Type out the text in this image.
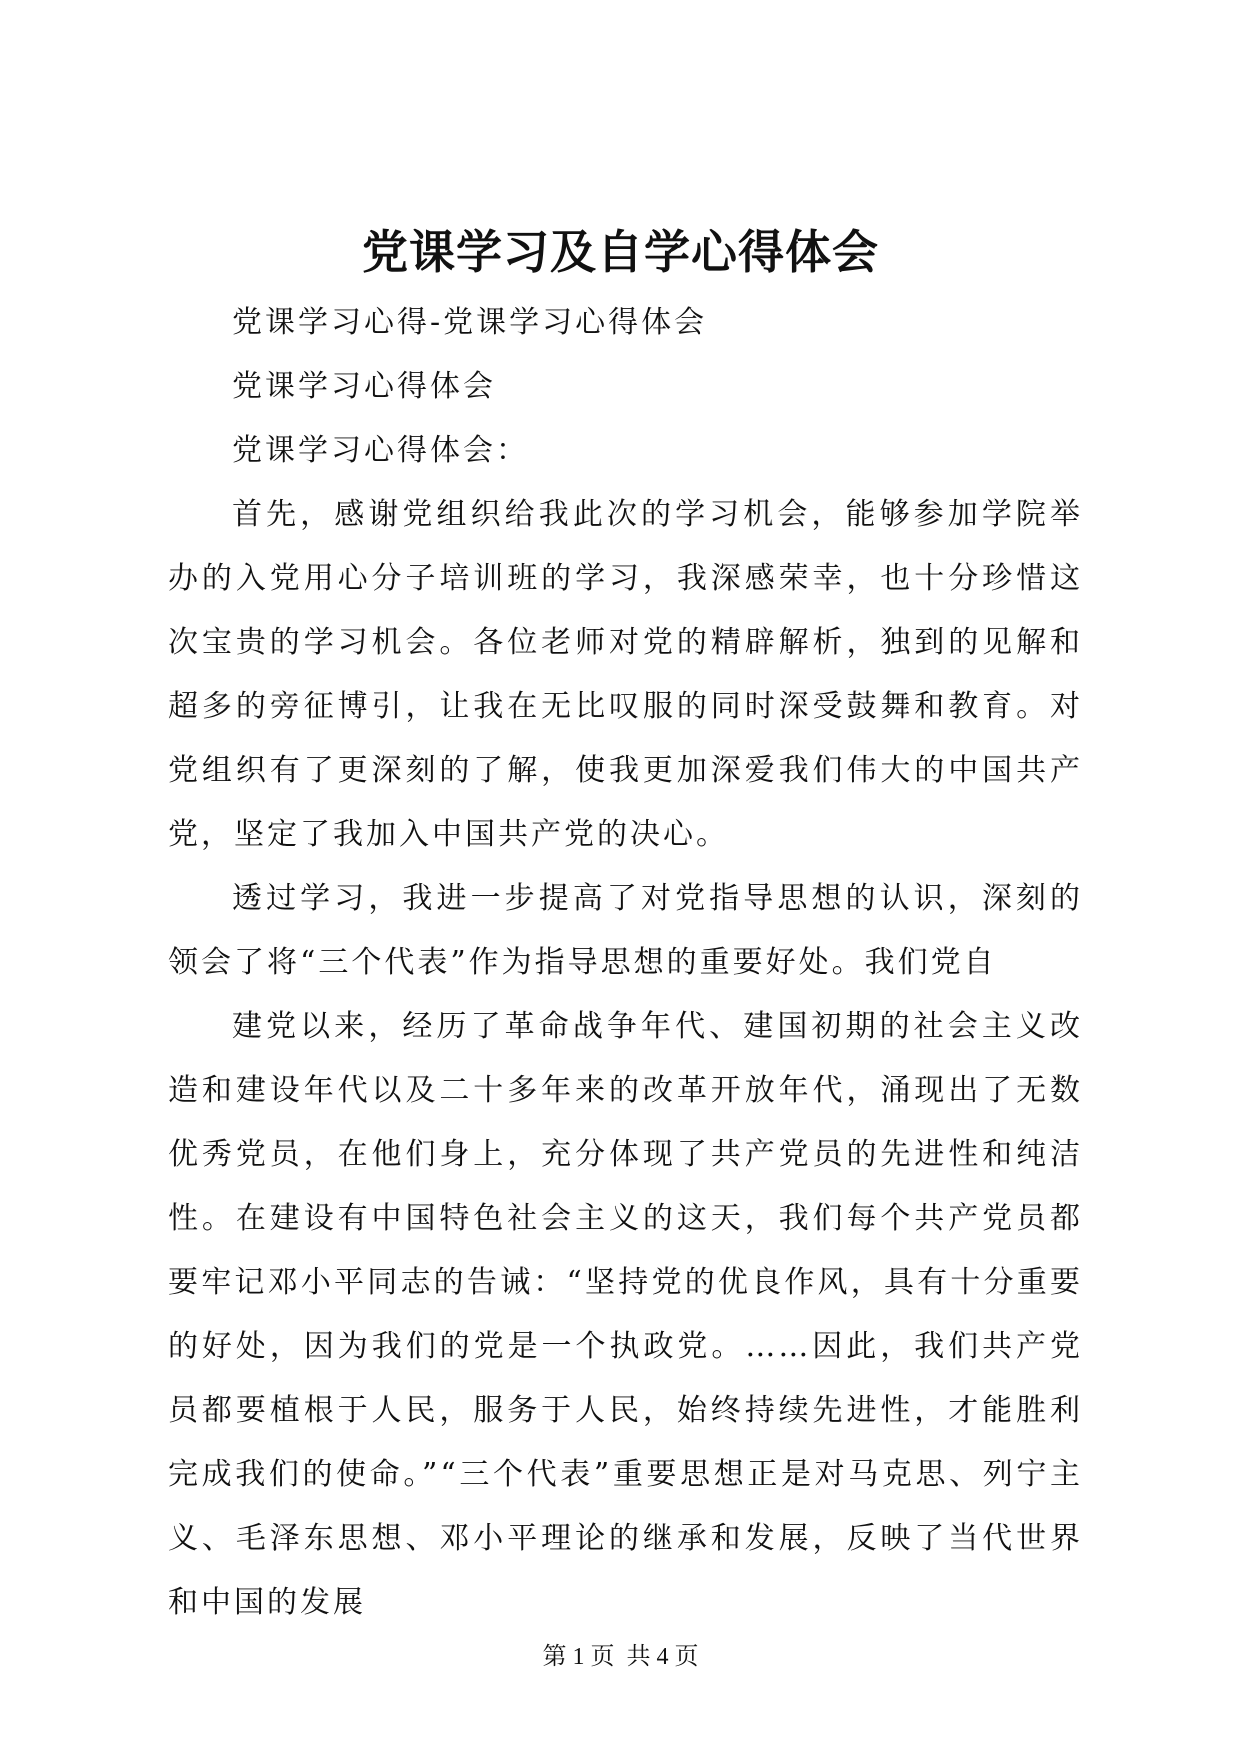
党课学习及自学心得体会

党课学习心得-党课学习心得体会

党课学习心得体会

党课学习心得体会：

首先，感谢党组织给我此次的学习机会，能够参加学院举办的入党用心分子培训班的学习，我深感荣幸，也十分珍惜这次宝贵的学习机会。各位老师对党的精辟解析，独到的见解和超多的旁征博引，让我在无比叹服的同时深受鼓舞和教育。对党组织有了更深刻的了解，使我更加深爱我们伟大的中国共产党，坚定了我加入中国共产党的决心。

透过学习，我进一步提高了对党指导思想的认识，深刻的领会了将“三个代表”作为指导思想的重要好处。我们党自

建党以来，经历了革命战争年代、建国初期的社会主义改造和建设年代以及二十多年来的改革开放年代，涌现出了无数优秀党员，在他们身上，充分体现了共产党员的先进性和纯洁性。在建设有中国特色社会主义的这天，我们每个共产党员都要牢记邓小平同志的告诫：“坚持党的优良作风，具有十分重要的好处，因为我们的党是一个执政党。……因此，我们共产党员都要植根于人民，服务于人民，始终持续先进性，才能胜利完成我们的使命。”“三个代表”重要思想正是对马克思、列宁主义、毛泽东思想、邓小平理论的继承和发展，反映了当代世界和中国的发展

第 1 页  共 4 页
